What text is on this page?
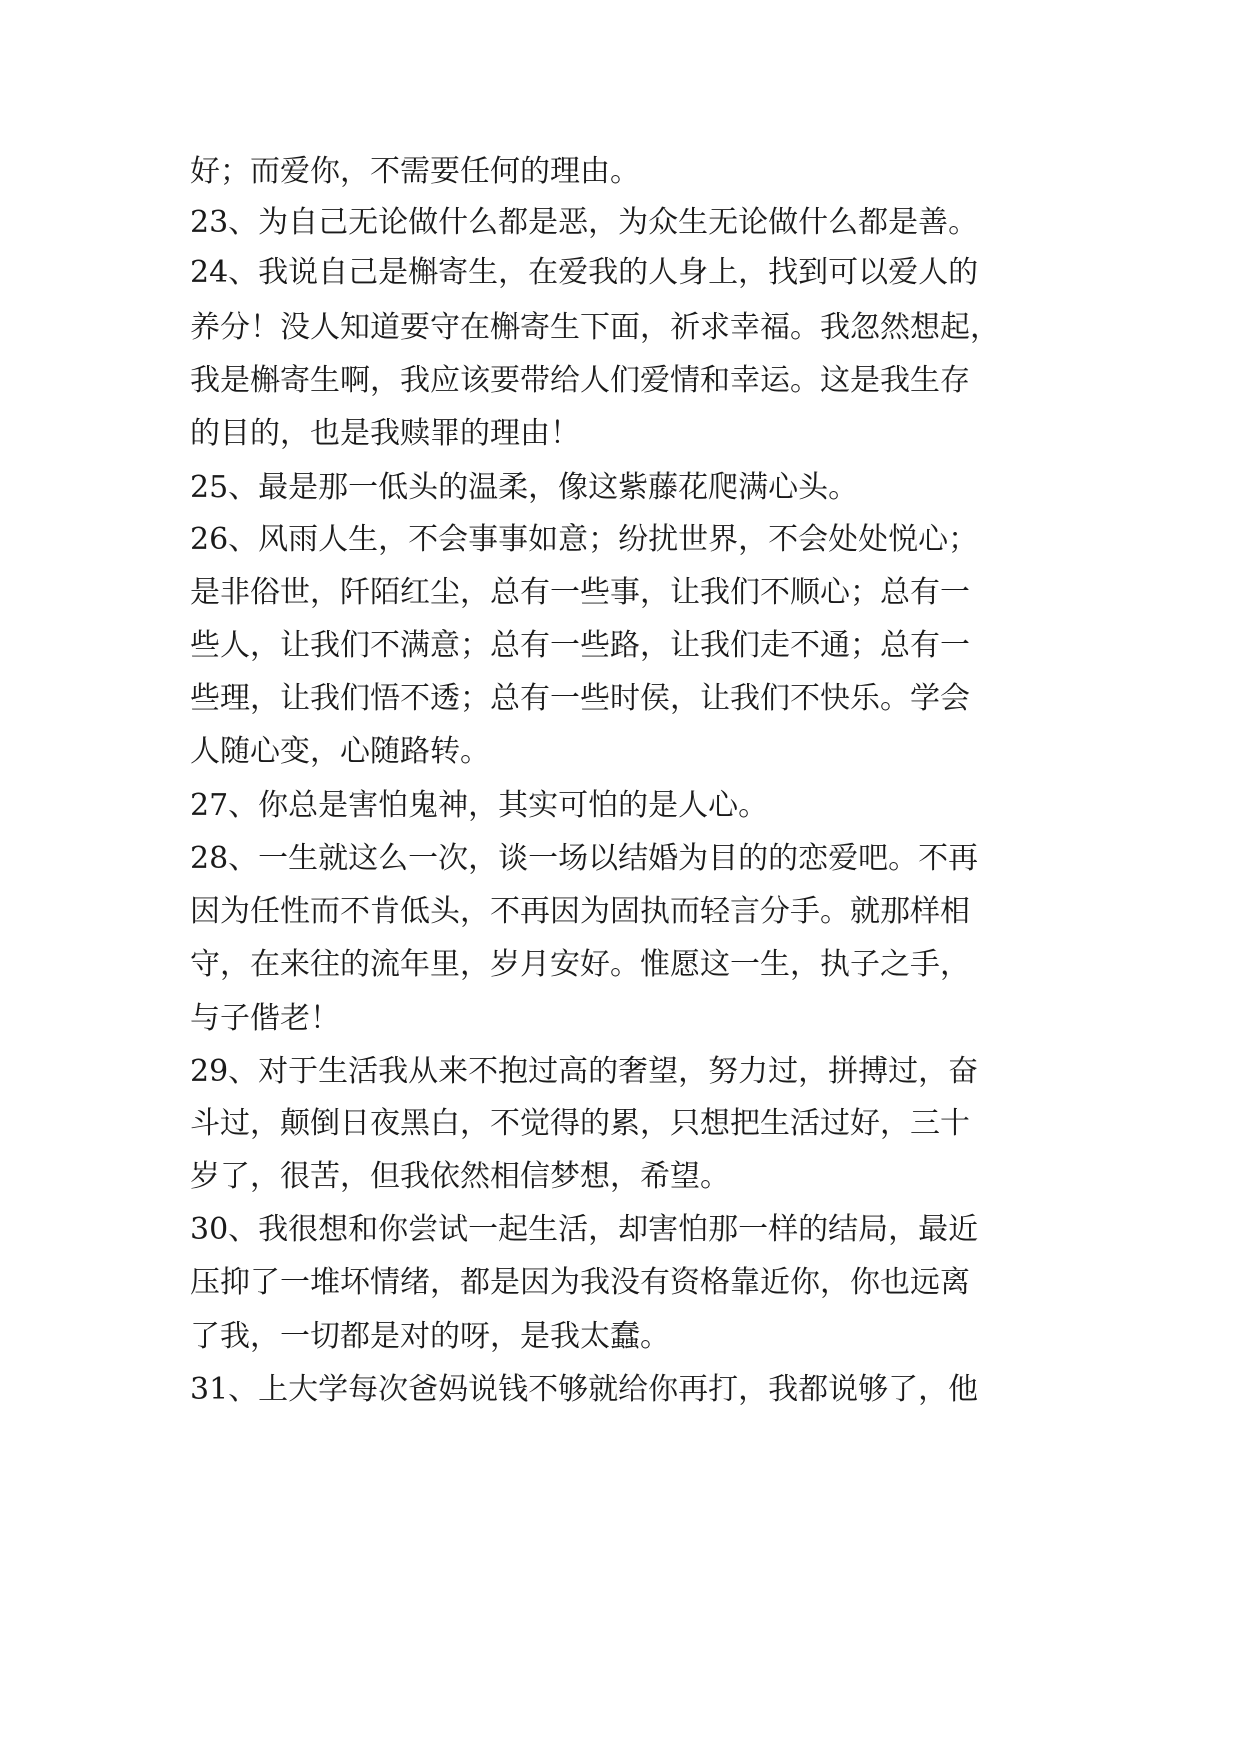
好；而爱你，不需要任何的理由。
23、为自己无论做什么都是恶，为众生无论做什么都是善。
24、我说自己是槲寄生，在爱我的人身上，找到可以爱人的
养分！没人知道要守在槲寄生下面，祈求幸福。我忽然想起，
我是槲寄生啊，我应该要带给人们爱情和幸运。这是我生存
的目的，也是我赎罪的理由！
25、最是那一低头的温柔，像这紫藤花爬满心头。
26、风雨人生，不会事事如意；纷扰世界，不会处处悦心；
是非俗世，阡陌红尘，总有一些事，让我们不顺心；总有一
些人，让我们不满意；总有一些路，让我们走不通；总有一
些理，让我们悟不透；总有一些时侯，让我们不快乐。学会
人随心变，心随路转。
27、你总是害怕鬼神，其实可怕的是人心。
28、一生就这么一次，谈一场以结婚为目的的恋爱吧。不再
因为任性而不肯低头，不再因为固执而轻言分手。就那样相
守，在来往的流年里，岁月安好。惟愿这一生，执子之手，
与子偕老！
29、对于生活我从来不抱过高的奢望，努力过，拼搏过，奋
斗过，颠倒日夜黑白，不觉得的累，只想把生活过好，三十
岁了，很苦，但我依然相信梦想，希望。
30、我很想和你尝试一起生活，却害怕那一样的结局，最近
压抑了一堆坏情绪，都是因为我没有资格靠近你，你也远离
了我，一切都是对的呀，是我太蠢。
31、上大学每次爸妈说钱不够就给你再打，我都说够了，他
